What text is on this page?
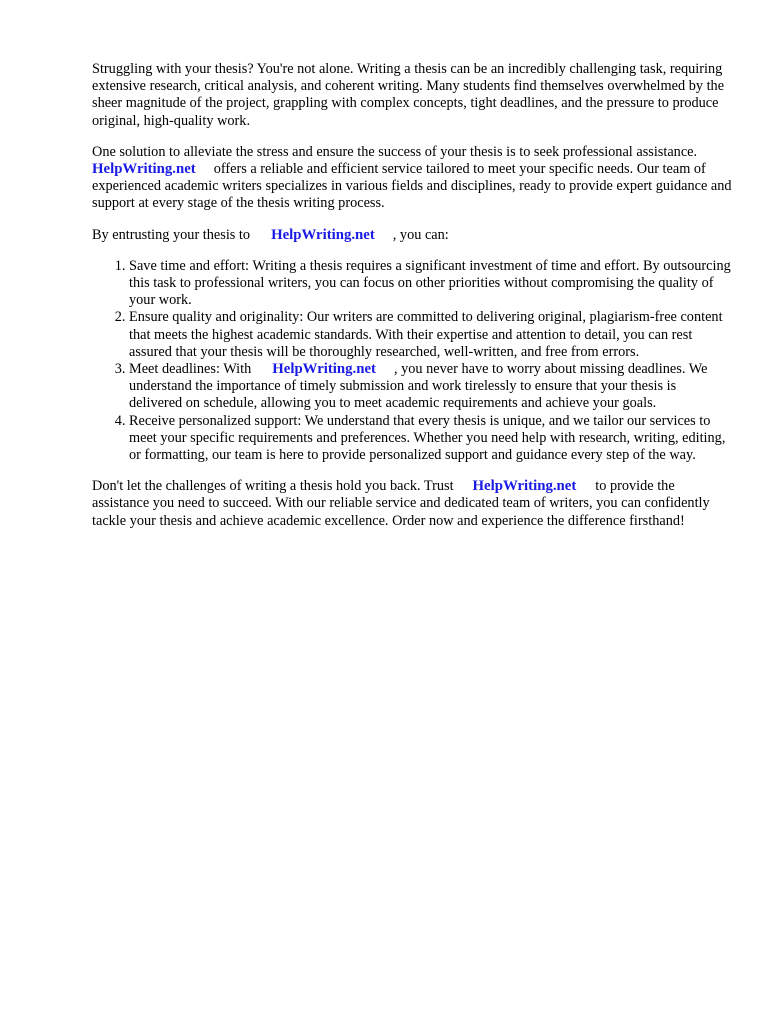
Struggling with your thesis? You're not alone. Writing a thesis can be an incredibly challenging task, requiring extensive research, critical analysis, and coherent writing. Many students find themselves overwhelmed by the sheer magnitude of the project, grappling with complex concepts, tight deadlines, and the pressure to produce original, high-quality work.

One solution to alleviate the stress and ensure the success of your thesis is to seek professional assistance.HelpWriting.net offers a reliable and efficient service tailored to meet your specific needs. Our team of experienced academic writers specializes in various fields and disciplines, ready to provide expert guidance and support at every stage of the thesis writing process.

By entrusting your thesis to HelpWriting.net , you can:

1. Save time and effort: Writing a thesis requires a significant investment of time and effort. By outsourcing this task to professional writers, you can focus on other priorities without compromising the quality of your work.
2. Ensure quality and originality: Our writers are committed to delivering original, plagiarism-free content that meets the highest academic standards. With their expertise and attention to detail, you can rest assured that your thesis will be thoroughly researched, well-written, and free from errors.
3. Meet deadlines: With HelpWriting.net , you never have to worry about missing deadlines. We understand the importance of timely submission and work tirelessly to ensure that your thesis is delivered on schedule, allowing you to meet academic requirements and achieve your goals.
4. Receive personalized support: We understand that every thesis is unique, and we tailor our services to meet your specific requirements and preferences. Whether you need help with research, writing, editing, or formatting, our team is here to provide personalized support and guidance every step of the way.

Don't let the challenges of writing a thesis hold you back. Trust HelpWriting.net to provide the assistance you need to succeed. With our reliable service and dedicated team of writers, you can confidently tackle your thesis and achieve academic excellence. Order now and experience the difference firsthand!
